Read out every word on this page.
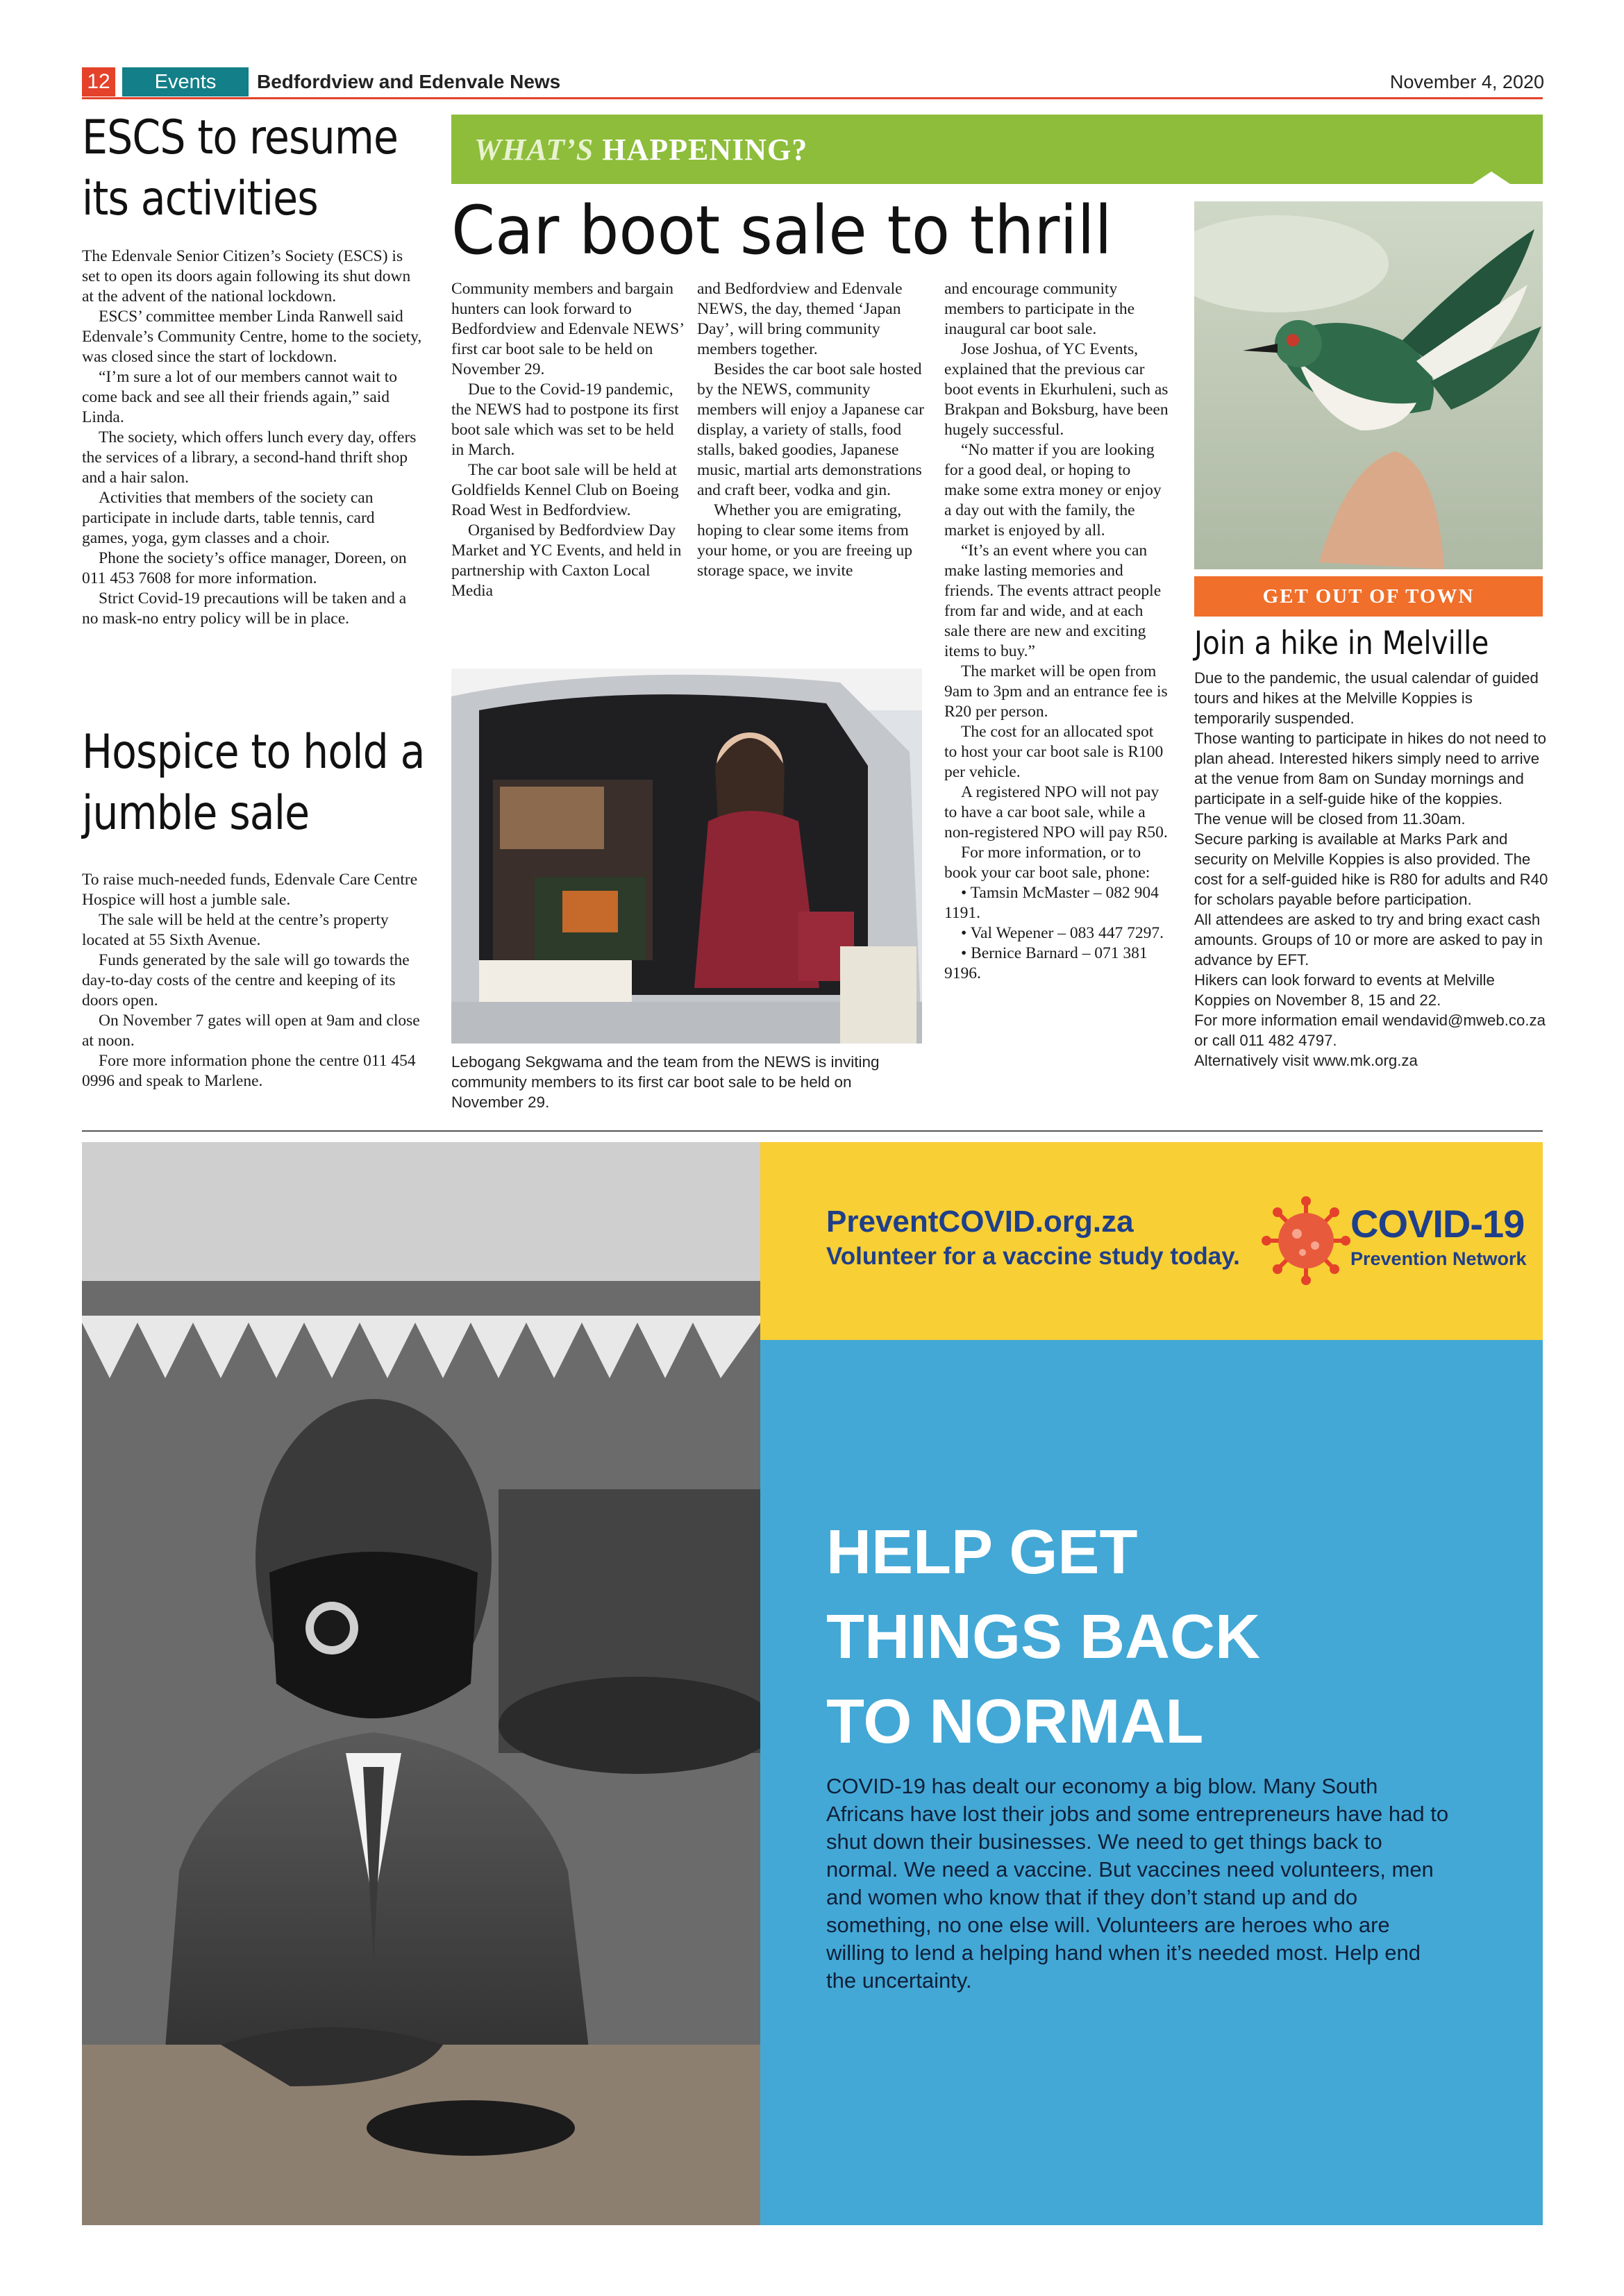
12	Events	Bedfordview and Edenvale News	November 4, 2020
ESCS to resume its activities

The Edenvale Senior Citizen’s Society (ESCS) is set to open its doors again following its shut down at the advent of the national lockdown.

ESCS’ committee member Linda Ranwell said Edenvale’s Community Centre, home to the society, was closed since the start of lockdown.

“I’m sure a lot of our members cannot wait to come back and see all their friends again,” said Linda.

The society, which offers lunch every day, offers the services of a library, a second-hand thrift shop and a hair salon.

Activities that members of the society can participate in include darts, table tennis, card games, yoga, gym classes and a choir.

Phone the society’s office manager, Doreen, on 011 453 7608 for more information.

Strict Covid-19 precautions will be taken and a no mask-no entry policy will be in place.

Hospice to hold a jumble sale

To raise much-needed funds, Edenvale Care Centre Hospice will host a jumble sale.

The sale will be held at the centre’s property located at 55 Sixth Avenue.

Funds generated by the sale will go towards the day-to-day costs of the centre and keeping of its doors open.

On November 7 gates will open at 9am and close at noon.

Fore more information phone the centre 011 454 0996 and speak to Marlene.

WHAT’S HAPPENING?
Car boot sale to thrill

Community members and bargain hunters can look forward to Bedfordview and Edenvale NEWS’ first car boot sale to be held on November 29.

Due to the Covid-19 pandemic, the NEWS had to postpone its first boot sale which was set to be held in March.

The car boot sale will be held at Goldfields Kennel Club on Boeing Road West in Bedfordview.

Organised by Bedfordview Day Market and YC Events, and held in partnership with Caxton Local Media

and Bedfordview and Edenvale NEWS, the day, themed ‘Japan Day’, will bring community members together.

Besides the car boot sale hosted by the NEWS, community members will enjoy a Japanese car display, a variety of stalls, food stalls, baked goodies, Japanese music, martial arts demonstrations and craft beer, vodka and gin.

Whether you are emigrating, hoping to clear some items from your home, or you are freeing up storage space, we invite

and encourage community members to participate in the inaugural car boot sale.

Jose Joshua, of YC Events, explained that the previous car boot events in Ekurhuleni, such as Brakpan and Boksburg, have been hugely successful.

“No matter if you are looking for a good deal, or hoping to make some extra money or enjoy a day out with the family, the market is enjoyed by all.

“It’s an event where you can make lasting memories and friends. The events attract people from far and wide, and at each sale there are new and exciting items to buy.”

The market will be open from 9am to 3pm and an entrance fee is R20 per person.

The cost for an allocated spot to host your car boot sale is R100 per vehicle.

A registered NPO will not pay to have a car boot sale, while a non-registered NPO will pay R50.

For more information, or to book your car boot sale, phone:

• Tamsin McMaster – 082 904 1191.

• Val Wepener – 083 447 7297.

• Bernice Barnard – 071 381 9196.

Lebogang Sekgwama and the team from the NEWS is inviting community members to its first car boot sale to be held on November 29.
GET OUT OF TOWN
Join a hike in Melville

Due to the pandemic, the usual calendar of guided tours and hikes at the Melville Koppies is temporarily suspended.

Those wanting to participate in hikes do not need to plan ahead. Interested hikers simply need to arrive at the venue from 8am on Sunday mornings and participate in a self-guide hike of the koppies.

The venue will be closed from 11.30am.

Secure parking is available at Marks Park and security on Melville Koppies is also provided. The cost for a self-guided hike is R80 for adults and R40 for scholars payable before participation.

All attendees are asked to try and bring exact cash amounts. Groups of 10 or more are asked to pay in advance by EFT.

Hikers can look forward to events at Melville Koppies on November 8, 15 and 22.

For more information email wendavid@mweb.co.za or call 011 482 4797.

Alternatively visit www.mk.org.za

PreventCOVID.org.za
Volunteer for a vaccine study today.
COVID-19
Prevention Network
HELP GET
THINGS BACK
TO NORMAL
COVID-19 has dealt our economy a big blow. Many South Africans have lost their jobs and some entrepreneurs have had to shut down their businesses. We need to get things back to normal. We need a vaccine. But vaccines need volunteers, men and women who know that if they don’t stand up and do something, no one else will. Volunteers are heroes who are willing to lend a helping hand when it’s needed most. Help end the uncertainty.
